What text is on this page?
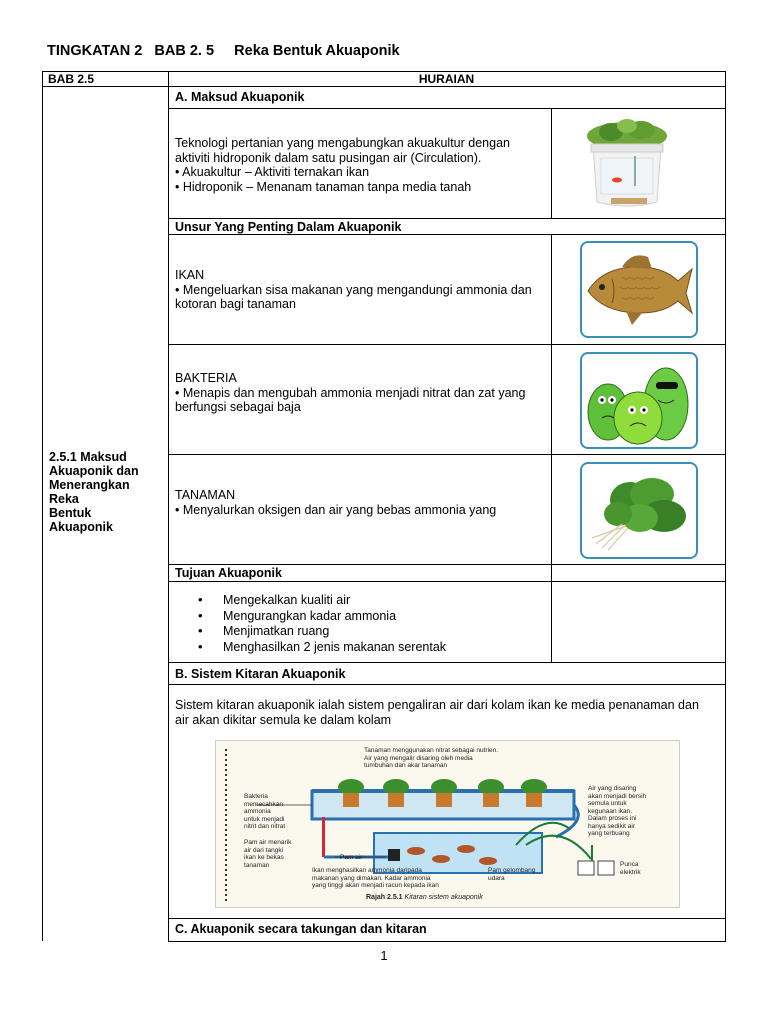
TINGKATAN 2   BAB 2. 5     Reka Bentuk Akuaponik
BAB 2.5	HURAIAN
2.5.1 Maksud
Akuaponik dan
Menerangkan
Reka
Bentuk
Akuaponik
A. Maksud Akuaponik
Teknologi pertanian yang mengabungkan akuakultur dengan
aktiviti hidroponik dalam satu pusingan air (Circulation).
• Akuakultur – Aktiviti ternakan ikan
• Hidroponik – Menanam tanaman tanpa media tanah
Unsur Yang Penting Dalam Akuaponik
IKAN
• Mengeluarkan sisa makanan yang mengandungi ammonia dan
kotoran bagi tanaman
BAKTERIA
• Menapis dan mengubah ammonia menjadi nitrat dan zat yang
berfungsi sebagai baja
TANAMAN
• Menyalurkan oksigen dan air yang bebas ammonia yang
Tujuan Akuaponik
• Mengekalkan kualiti air
• Mengurangkan kadar ammonia
• Menjimatkan ruang
• Menghasilkan 2 jenis makanan serentak
B. Sistem Kitaran Akuaponik
Sistem kitaran akuaponik ialah sistem pengaliran air dari kolam ikan ke media penanaman dan
air akan dikitar semula ke dalam kolam
Tanaman menggunakan nitrat sebagai nutrien.
Air yang mengalir disaring oleh media
tumbuhan dan akar tanaman
Bakteria
memecahkan
ammonia
untuk menjadi
nitrit dan nitrat
Air yang disaring
akan menjadi bersih
semula untuk
kegunaan ikan.
Dalam proses ini
hanya sedikit air
yang terbuang
Pam air menarik
air dari tangki
ikan ke bekas
tanaman
Pam air
Ikan menghasilkan ammonia daripada
makanan yang dimakan. Kadar ammonia
yang tinggi akan menjadi racun kepada ikan
Pam gelombang
udara
Punca
elektrik
Rajah 2.5.1 Kitaran sistem akuaponik
C. Akuaponik secara takungan dan kitaran
1
